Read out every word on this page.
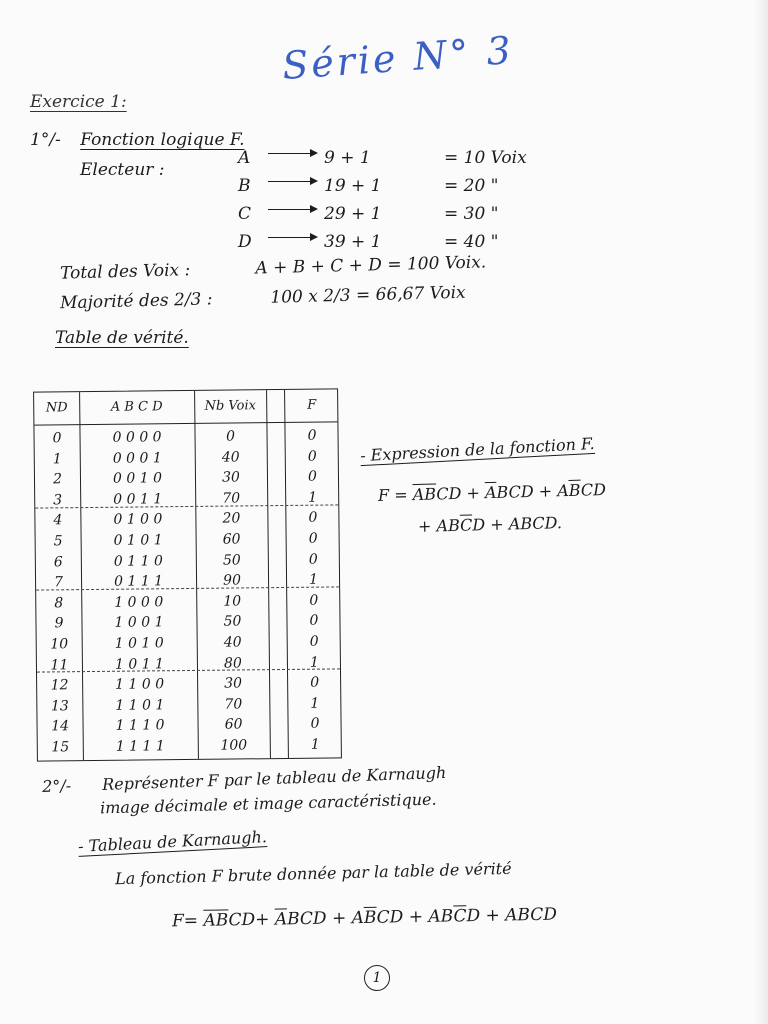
Série N° 3
Exercice 1:
1°/- Fonction logique F.
Electeur :
A	9 + 1	= 10 Voix
B	19 + 1	= 20 "
C	29 + 1	= 30 "
D	39 + 1	= 40 "
Total des Voix :	A + B + C + D = 100 Voix.
Majorité des 2/3 :	100 x 2/3 = 66,67 Voix
Table de vérité.
ND	A B C D	Nb Voix	F
0	0 0 0 0	0	0
1	0 0 0 1	40	0
2	0 0 1 0	30	0
3	0 0 1 1	70	1
4	0 1 0 0	20	0
5	0 1 0 1	60	0
6	0 1 1 0	50	0
7	0 1 1 1	90	1
8	1 0 0 0	10	0
9	1 0 0 1	50	0
10	1 0 1 0	40	0
11	1 0 1 1	80	1
12	1 1 0 0	30	0
13	1 1 0 1	70	1
14	1 1 1 0	60	0
15	1 1 1 1	100	1
- Expression de la fonction F.
$F = \overline{A}\overline{B}CD + \overline{A}BCD + A\overline{B}CD$
+ $AB\overline{C}D$ + ABCD.
2°/- Représenter F par le tableau de Karnaugh
image décimale et image caractéristique.
- Tableau de Karnaugh.
La fonction F brute donnée par la table de vérité
$F= \overline{A}\overline{B}CD+ \overline{A}BCD + A\overline{B}CD + AB\overline{C}D$ + ABCD
1
